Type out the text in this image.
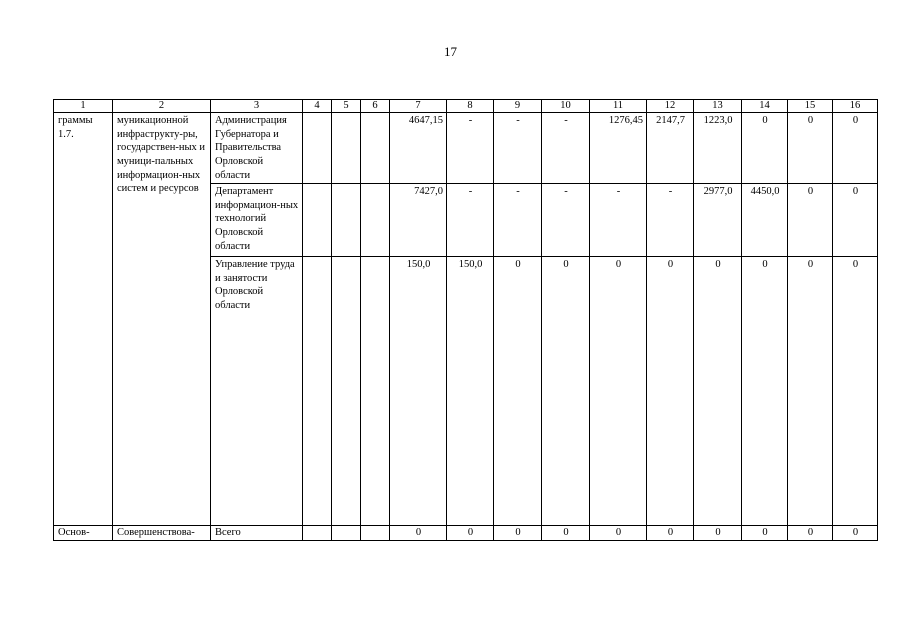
17
1	2	3	4	5	6	7	8	9	10	11	12	13	14	15	16
граммы 1.7.	муникационной инфраструкту-ры, государствен-ных и муници-пальных информацион-ных систем и ресурсов	Администрация Губернатора и Правительства Орловской области				4647,15	-	-	-	1276,45	2147,7	1223,0	0	0	0
		Департамент информацион-ных технологий Орловской области				7427,0	-	-	-	-	-	2977,0	4450,0	0	0
		Управление труда и занятости Орловской области				150,0	150,0	0	0	0	0	0	0	0	0
Основ-	Совершенствова-	Всего				0	0	0	0	0	0	0	0	0	0
